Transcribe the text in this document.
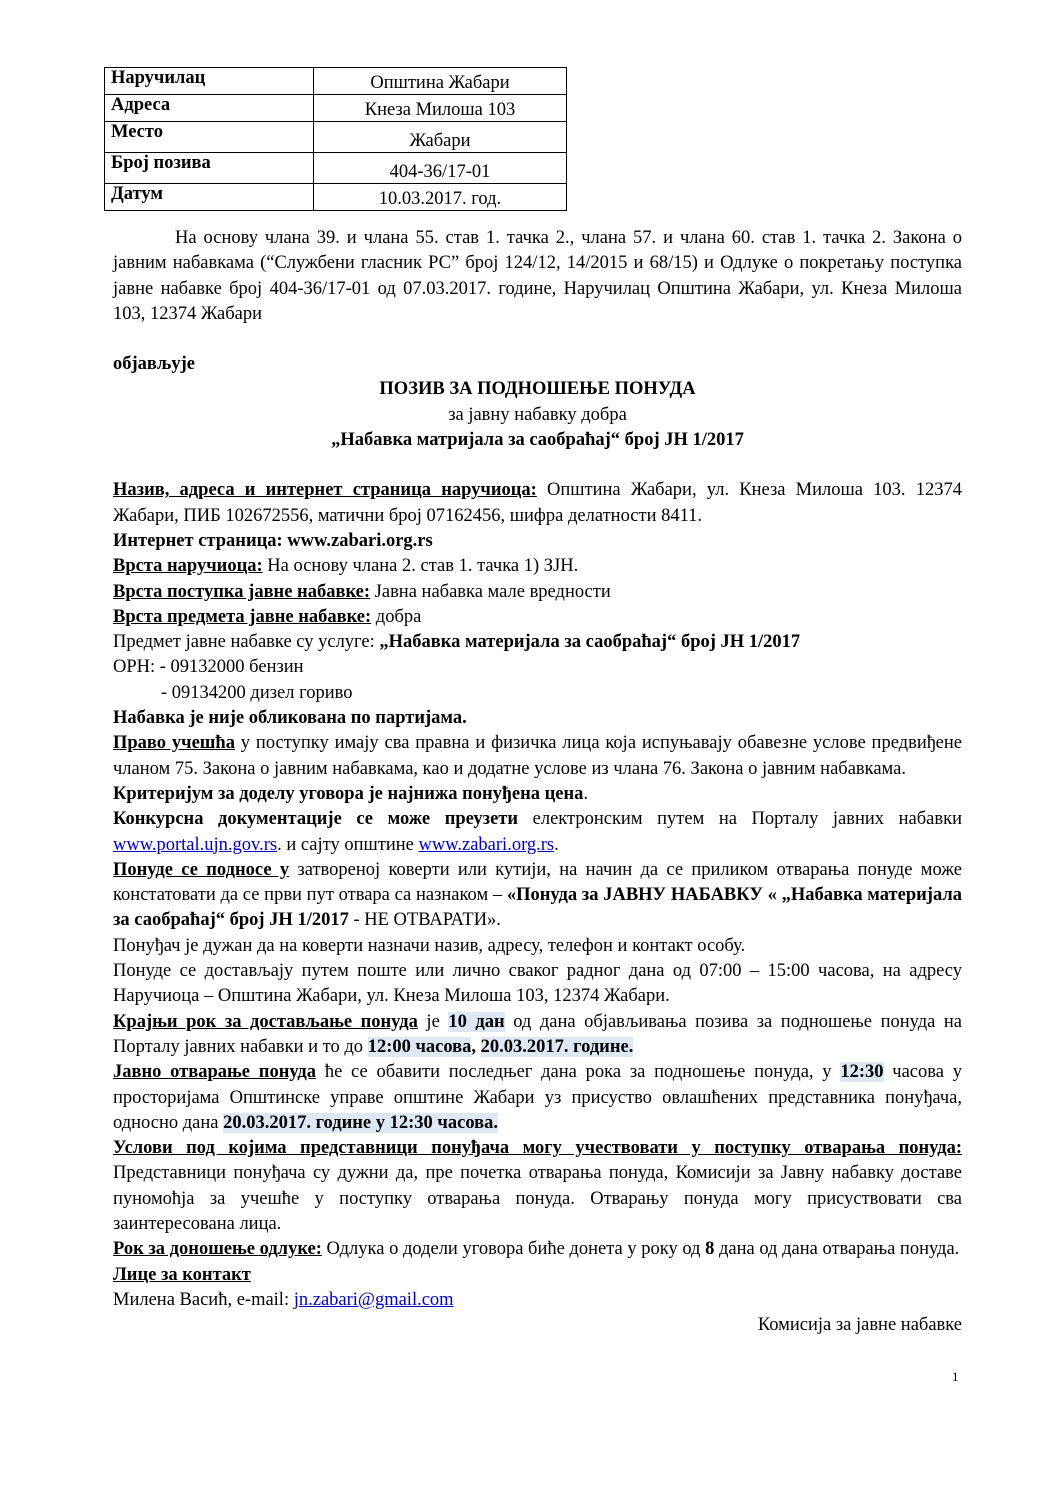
Наручилац	Општина Жабари
Адреса	Кнеза Милоша 103
Место	Жабари
Број позива	404-36/17-01
Датум	10.03.2017. год.

На основу члана 39. и члана 55. став 1. тачка 2., члана 57. и члана 60. став 1. тачка 2. Закона о јавним набавкама (“Службени гласник РС” број 124/12, 14/2015 и 68/15) и Одлуке о покретању поступка јавне набавке број 404-36/17-01 од 07.03.2017. године, Наручилац Општина Жабари, ул. Кнеза Милоша 103, 12374 Жабари

објављује

ПОЗИВ ЗА ПОДНОШЕЊЕ ПОНУДА

за јавну набавку добра

„Набавка матријала за саобраћај“ број ЈН 1/2017

Назив, адреса и интернет страница наручиоца: Општина Жабари, ул. Кнеза Милоша 103. 12374 Жабари, ПИБ 102672556, матични број 07162456, шифра делатности 8411.

Интернет страница: www.zabari.org.rs

Врста наручиоца: На основу члана 2. став 1. тачка 1) ЗЈН.

Врста поступка јавне набавке: Јавна набавка мале вредности

Врста предмета јавне набавке: добра

Предмет јавне набавке су услуге: „Набавка материјала за саобраћај“ број ЈН 1/2017

ОРН: - 09132000 бензин

- 09134200 дизел гориво

Набавка је није обликована по партијама.

Право учешћа у поступку имају сва правна и физичка лица која испуњавају обавезне услове предвиђене чланом 75. Закона о јавним набавкама, као и додатне услове из члана 76. Закона о јавним набавкама.

Критеријум за доделу уговора је најнижа понуђена цена.

Конкурсна документације се може преузети електронским путем на Порталу јавних набавки www.portal.ujn.gov.rs. и сајту општине www.zabari.org.rs.

Понуде се подносе у затвореној коверти или кутији, на начин да се приликом отварања понуде може констатовати да се први пут отвара са назнаком – «Понуда за ЈАВНУ НАБАВКУ « „Набавка материјала за саобраћај“ број ЈН 1/2017 - НЕ ОТВАРАТИ».

Понуђач је дужан да на коверти назначи назив, адресу, телефон и контакт особу.

Понуде се достављају путем поште или лично сваког радног дана од 07:00 – 15:00 часова, на адресу Наручиоца – Општина Жабари, ул. Кнеза Милоша 103, 12374 Жабари.

Крајњи рок за достављање понуда је 10 дан од дана објављивања позива за подношење понуда на Порталу јавних набавки и то до 12:00 часова, 20.03.2017. године.

Јавно отварање понуда ће се обавити последњег дана рока за подношење понуда, у 12:30 часова у просторијама Општинске управе општине Жабари уз присуство овлашћених представника понуђача, односно дана 20.03.2017. године у 12:30 часова.

Услови под којима представници понуђача могу учествовати у поступку отварања понуда: Представници понуђача су дужни да, пре почетка отварања понуда, Комисији за Јавну набавку доставе пуномоћја за учешће у поступку отварања понуда. Отварању понуда могу присуствовати сва заинтересована лица.

Рок за доношење одлуке: Одлука о додели уговора биће донета у року од 8 дана од дана отварања понуда.

Лице за контакт

Милена Васић, e-mail: jn.zabari@gmail.com

Комисија за јавне набавке

1
